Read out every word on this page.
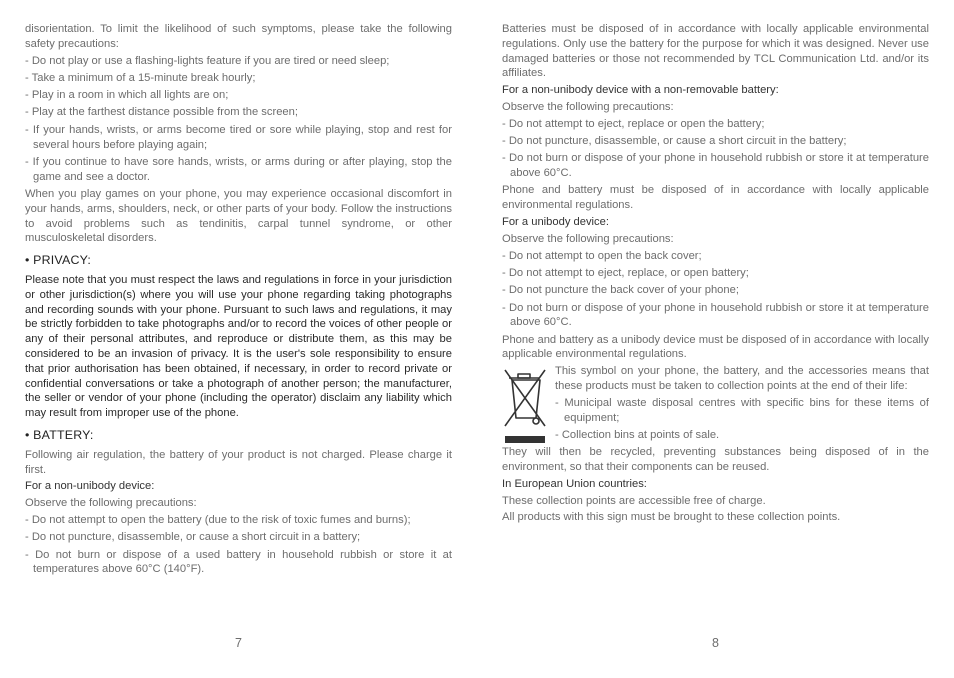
disorientation. To limit the likelihood of such symptoms, please take the following safety precautions:

- Do not play or use a flashing-lights feature if you are tired or need sleep;

- Take a minimum of a 15-minute break hourly;

- Play in a room in which all lights are on;

- Play at the farthest distance possible from the screen;

- If your hands, wrists, or arms become tired or sore while playing, stop and rest for several hours before playing again;

- If you continue to have sore hands, wrists, or arms during or after playing, stop the game and see a doctor.

When you play games on your phone, you may experience occasional discomfort in your hands, arms, shoulders, neck, or other parts of your body. Follow the instructions to avoid problems such as tendinitis, carpal tunnel syndrome, or other musculoskeletal disorders.

• PRIVACY:

Please note that you must respect the laws and regulations in force in your jurisdiction or other jurisdiction(s) where you will use your phone regarding taking photographs and recording sounds with your phone. Pursuant to such laws and regulations, it may be strictly forbidden to take photographs and/or to record the voices of other people or any of their personal attributes, and reproduce or distribute them, as this may be considered to be an invasion of privacy. It is the user's sole responsibility to ensure that prior authorisation has been obtained, if necessary, in order to record private or confidential conversations or take a photograph of another person; the manufacturer, the seller or vendor of your phone (including the operator) disclaim any liability which may result from improper use of the phone.

• BATTERY:

Following air regulation, the battery of your product is not charged. Please charge it first.

For a non-unibody device:

Observe the following precautions:

- Do not attempt to open the battery (due to the risk of toxic fumes and burns);

- Do not puncture, disassemble, or cause a short circuit in a battery;

- Do not burn or dispose of a used battery in household rubbish or store it at temperatures above 60°C (140°F).

7

Batteries must be disposed of in accordance with locally applicable environmental regulations. Only use the battery for the purpose for which it was designed. Never use damaged batteries or those not recommended by TCL Communication Ltd. and/or its affiliates.

For a non-unibody device with a non-removable battery:

Observe the following precautions:

- Do not attempt to eject, replace or open the battery;

- Do not puncture, disassemble, or cause a short circuit in the battery;

- Do not burn or dispose of your phone in household rubbish or store it at temperature above 60°C.

Phone and battery must be disposed of in accordance with locally applicable environmental regulations.

For a unibody device:

Observe the following precautions:

- Do not attempt to open the back cover;

- Do not attempt to eject, replace, or open battery;

- Do not puncture the back cover of your phone;

- Do not burn or dispose of your phone in household rubbish or store it at temperature above 60°C.

Phone and battery as a unibody device must be disposed of in accordance with locally applicable environmental regulations.

This symbol on your phone, the battery, and the accessories means that these products must be taken to collection points at the end of their life:

- Municipal waste disposal centres with specific bins for these items of equipment;

- Collection bins at points of sale.

They will then be recycled, preventing substances being disposed of in the environment, so that their components can be reused.

In European Union countries:

These collection points are accessible free of charge.

All products with this sign must be brought to these collection points.

8
